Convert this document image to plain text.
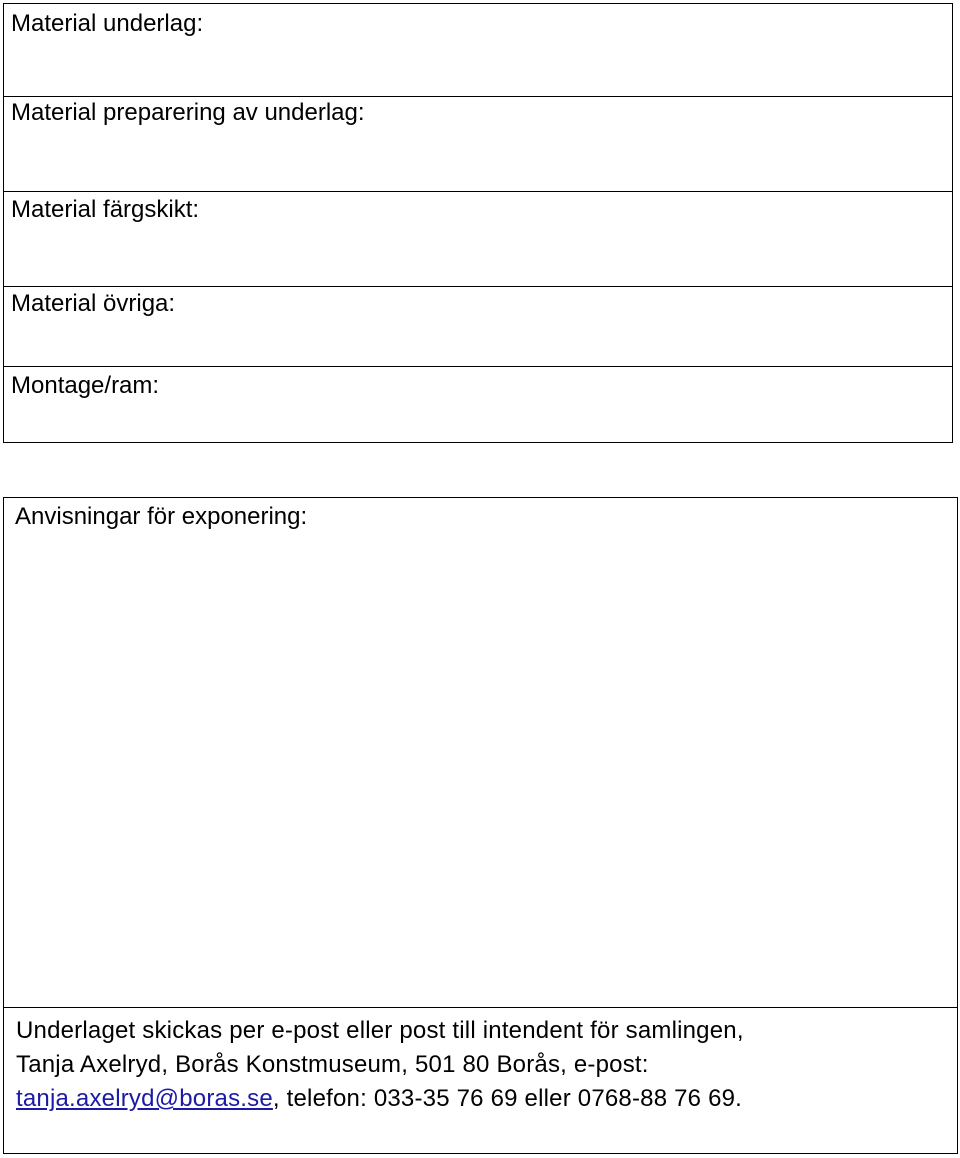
Material underlag:
Material preparering av underlag:
Material färgskikt:
Material övriga:
Montage/ram:
Anvisningar för exponering:
Underlaget skickas per e-post eller post till intendent för samlingen,
Tanja Axelryd, Borås Konstmuseum, 501 80 Borås, e-post:
tanja.axelryd@boras.se, telefon: 033-35 76 69 eller 0768-88 76 69.
